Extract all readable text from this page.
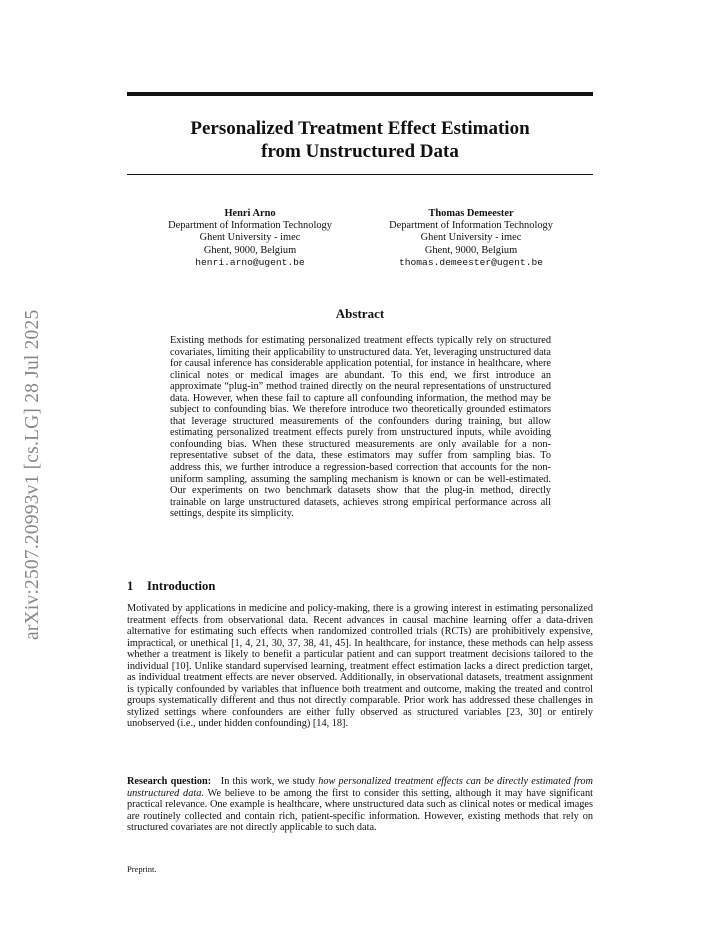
arXiv:2507.20993v1 [cs.LG] 28 Jul 2025
Personalized Treatment Effect Estimation
from Unstructured Data
Henri Arno
Department of Information Technology
Ghent University - imec
Ghent, 9000, Belgium
henri.arno@ugent.be
Thomas Demeester
Department of Information Technology
Ghent University - imec
Ghent, 9000, Belgium
thomas.demeester@ugent.be
Abstract
Existing methods for estimating personalized treatment effects typically rely on structured covariates, limiting their applicability to unstructured data. Yet, leveraging unstructured data for causal inference has considerable application potential, for instance in healthcare, where clinical notes or medical images are abundant. To this end, we first introduce an approximate “plug-in” method trained directly on the neural representations of unstructured data. However, when these fail to capture all confounding information, the method may be subject to confounding bias. We therefore introduce two theoretically grounded estimators that leverage structured measurements of the confounders during training, but allow estimating personalized treatment effects purely from unstructured inputs, while avoiding confounding bias. When these structured measurements are only available for a non-representative subset of the data, these estimators may suffer from sampling bias. To address this, we further introduce a regression-based correction that accounts for the non-uniform sampling, assuming the sampling mechanism is known or can be well-estimated. Our experiments on two benchmark datasets show that the plug-in method, directly trainable on large unstructured datasets, achieves strong empirical performance across all settings, despite its simplicity.
1 Introduction
Motivated by applications in medicine and policy-making, there is a growing interest in estimating personalized treatment effects from observational data. Recent advances in causal machine learning offer a data-driven alternative for estimating such effects when randomized controlled trials (RCTs) are prohibitively expensive, impractical, or unethical [1, 4, 21, 30, 37, 38, 41, 45]. In healthcare, for instance, these methods can help assess whether a treatment is likely to benefit a particular patient and can support treatment decisions tailored to the individual [10]. Unlike standard supervised learning, treatment effect estimation lacks a direct prediction target, as individual treatment effects are never observed. Additionally, in observational datasets, treatment assignment is typically confounded by variables that influence both treatment and outcome, making the treated and control groups systematically different and thus not directly comparable. Prior work has addressed these challenges in stylized settings where confounders are either fully observed as structured variables [23, 30] or entirely unobserved (i.e., under hidden confounding) [14, 18].
Research question: In this work, we study how personalized treatment effects can be directly estimated from unstructured data. We believe to be among the first to consider this setting, although it may have significant practical relevance. One example is healthcare, where unstructured data such as clinical notes or medical images are routinely collected and contain rich, patient-specific information. However, existing methods that rely on structured covariates are not directly applicable to such data.
Preprint.
